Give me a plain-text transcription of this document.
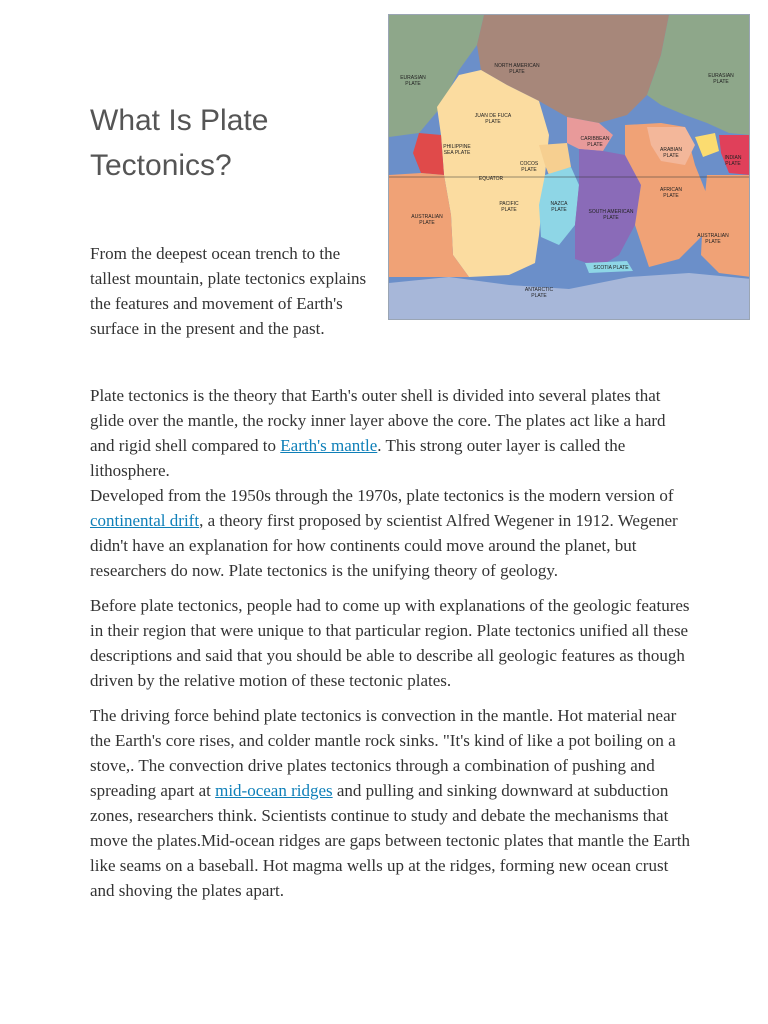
What Is Plate
Tectonics?

From the deepest ocean trench to the tallest mountain, plate tectonics explains the features and movement of Earth's surface in the present and the past.

EURASIAN
PLATE
NORTH AMERICAN
PLATE
EURASIAN
PLATE
JUAN DE FUCA
PLATE
CARIBBEAN
PLATE
ARABIAN
PLATE
PHILIPPINE
SEA PLATE
INDIAN
PLATE
COCOS
PLATE
EQUATOR
AFRICAN
PLATE
AUSTRALIAN
PLATE
PACIFIC
PLATE
NAZCA
PLATE	SOUTH AMERICAN
PLATE
AUSTRALIAN
PLATE
SCOTIA PLATE
ANTARCTIC
PLATE

Plate tectonics is the theory that Earth's outer shell is divided into several plates that glide over the mantle, the rocky inner layer above the core. The plates act like a hard and rigid shell compared to Earth's mantle. This strong outer layer is called the lithosphere.

Developed from the 1950s through the 1970s, plate tectonics is the modern version of continental drift, a theory first proposed by scientist Alfred Wegener in 1912. Wegener didn't have an explanation for how continents could move around the planet, but researchers do now. Plate tectonics is the unifying theory of geology.

Before plate tectonics, people had to come up with explanations of the geologic features in their region that were unique to that particular region. Plate tectonics unified all these descriptions and said that you should be able to describe all geologic features as though driven by the relative motion of these tectonic plates.

The driving force behind plate tectonics is convection in the mantle. Hot material near the Earth's core rises, and colder mantle rock sinks. "It's kind of like a pot boiling on a stove,. The convection drive plates tectonics through a combination of pushing and spreading apart at mid-ocean ridges and pulling and sinking downward at subduction zones, researchers think. Scientists continue to study and debate the mechanisms that move the plates.Mid-ocean ridges are gaps between tectonic plates that mantle the Earth like seams on a baseball. Hot magma wells up at the ridges, forming new ocean crust and shoving the plates apart.
